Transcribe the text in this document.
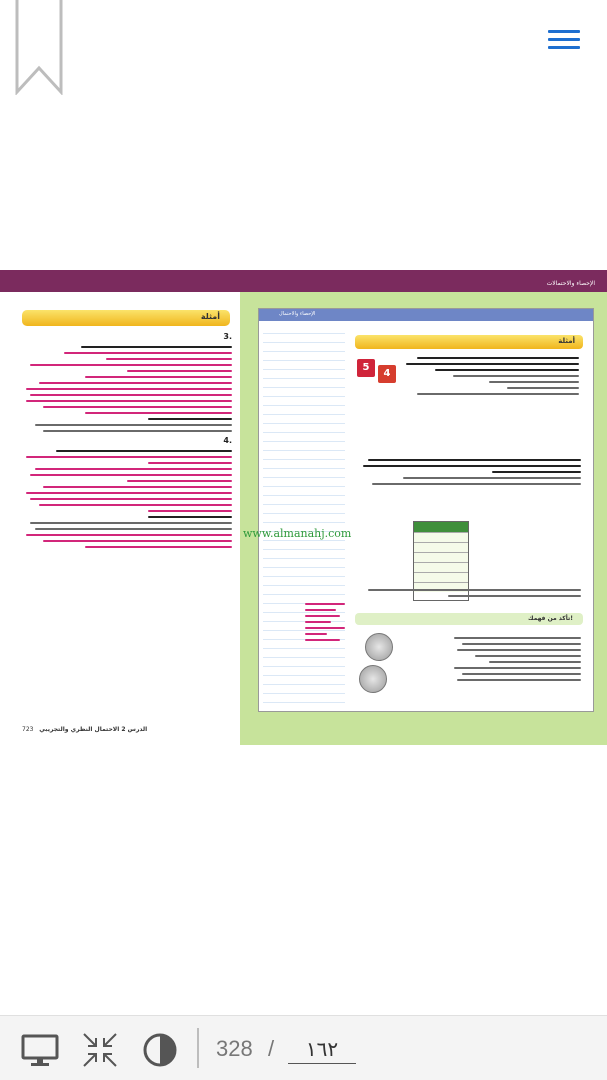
الإحصاء والاحتمالات
أمثلة
3.
4.
723 الدرس 2 الاحتمال النظري والتجريبي
الإحصاء والاحتمال
أمثلة
5
4
تأكد من فهمك!
www.almanahj.com
328 /
١٦٢
